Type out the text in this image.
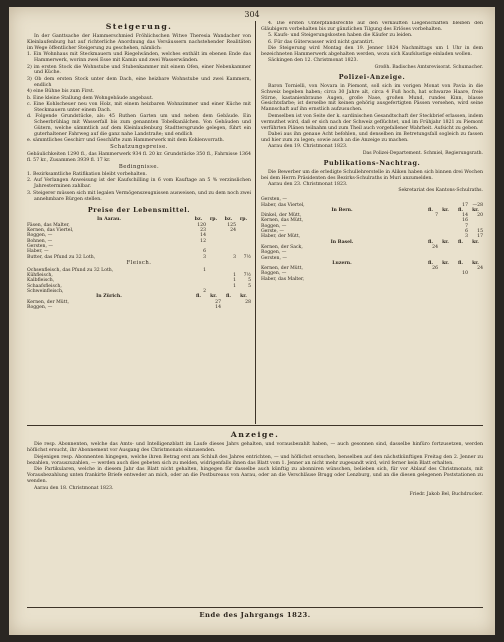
304
Steigerung.

In der Ganttsache der Hammerschmied Fröhlichschen Witwe Theresia Wandacher von Kleinlaufenburg hat auf richterliche Anordnung das Versäussern nachstehender Realitäten im Wege öffentlicher Steigerung zu geschehen, nämlich:

1. Ein Wohnhaus mit Steckmauern und Riegelwänden, welches enthält im ebenen Ende das Hammerwerk, worinn zwei Esse mit Kamin und zwei Wasserwänden.

2) im ersten Stock die Wohnstube und Stubenkammer mit einem Ofen, einer Nebenkammer und Küche.

3) Ob dem ersten Stock unter dem Dach, eine heizbare Wohnstube und zwei Kammern, endlich

4) eine Bühne bis zum First.

b. Eine kleine Stallung dem Wohngebäude angebaut.

c. Eine Kohlscheuer neu von Holz, mit einem heizbaren Wohnzimmer und einer Küche mit Steckmauern unter einem Dach.

d. Folgende Grundstücke, als: 45 Ruthen Garten um und neben dem Gebäude. Ein Scheerbrühlag mit Wasserfall bis zum genannten Tobelkanälchen. Von Gebäuden und Gütern, welche sämmtlich auf dem Kleinlaufenburg Stadttersgrunde gelegen, führt ein guterhaltener Fahrweg auf die ganz nahe Landstraße; und endlich

e. sämmtliches Geschirr und Geschäfte zum Hammerwerk mit dem Kohlenvorrath.

Schatzungspreise.

Gebäulichkeiten 1290 fl., das Hammerwerk 934 fl. 20 kr. Grundstücke 350 fl., Fahrnisse 1364 fl. 57 kr., Zusammen 3939 fl. 17 kr.

Bedingnisse.

1. Bezirksamtliche Ratifikation bleibt vorbehalten.

2. Auf Verlangen Anweisung ist der Kaufschilling in 6 vom Kauftage an 5 % verzinslichen Jahresterminen zahlbar.

3. Steigerer müssen sich mit legalen Vermögenszeugnissen ausweisen, und zu dem noch zwei annehmbare Bürgen stellen.

Preise der Lebensmittel.
In Aarau.	bz.	rp.	bz.	rp.
Fäsen, das Malter,	120		125	
Kernen, das Viertel,	23		24	
Roggen, —	14			
Bohnen, —	12			
Gersten, —				
Haber, —	6			
Butter, das Pfund zu 32 Loth,	3		3	7½
Fleisch.
Ochsenfleisch, das Pfund zu 32 Loth,	1			
Kühfleisch,			1	7½
Kalbfleisch,			1	5
Schaafsfleisch,			1	5
Schweinfleisch,	2			
In Zürich.	fl.	kr.	fl.	kr.
Kernen, der Mütt,		27		28
Roggen, —		14		

4. Die ersten Unterpfandsrechte auf den verkauften Liegenschaften bleiben den Gläubigern vorbehalten bis zur gänzlichen Tilgung des Erlöses vorbehalten.

5. Kaufs- und Steigerungskosten haben die Käufer zu leiden.

6. Für das Güterwasser wird nicht garantirt.

Die Steigerung wird Montag den 19. Jenner 1824 Nachmittags um 1 Uhr in dem bezeichneten Hammerwerk abgehalten werden, wozu sich Kaufslustige einladen wollen.

Säckingen den 12. Christmonat 1823.

Großh. Badisches Amtsrevisorat. Schumacher.
Polizei-Anzeige.

Baron Tornielli, von Novara in Piemont, soll sich im vorigen Monat von Pavia in die Schweiz begeben haben; circa 30 Jahre alt, circa 4 Fuß hoch, hat schwarze Haare, freie Stirne, kastanienbraune Augen, große Nase, großen Mund, rundes Kinn, blasse Gesichtsfarbe; ist derselbe mit keinen gehörig ausgefertigten Pässen versehen, wird seine Mannschaft auf ihn ernstlich aufzusuchen.

Demselben ist von Seite der k. sardinischen Gesandtschaft der Steckbrief erlassen, indem vermuthet wird, daß er sich nach der Schweiz geflüchtet, und im Frühjahr 1821 zu Piemont verführten Plänen teilnahm und zum Theil auch vorgefallener Wahrheit. Aufsicht zu geben.

Dabei aus ihn genaue Acht befohlen, und denselben im Betretungsfall sogleich zu fassen und hier zum zu legen; sowie auch an die Anzeige zu machen.

Aarau den 19. Christmonat 1823.

Das Polizei-Departement. Schmiel, Regierungsrath.
Publikations-Nachtrag.

Die Bewerber um die erledigte Schullehrerstelle in Aliken haben sich binnen drei Wochen bei dem Herrn Präsidenten des Bezirks-Schulraths in Muri anzumelden.

Aarau den 23. Christmonat 1823.

Sekretariat des Kantons-Schulraths.
Gersten, —				
Haber, das Viertel,			17	—28
In Bern.	fl.	kr.	fl.	kr.
Dinkel, der Mütt,	7		14	20
Kernen, das Mütt,			16	
Roggen, —			7	
Gerste, —			6	15
Haber, der Mütt,			3	17
In Basel.	fl.	kr.	fl.	kr.
Kernen, der Sack,	24			
Roggen, —				
Gersten, —				
Luzern.	fl.	kr.	fl.	kr.
Kernen, der Mütt,	26			24
Roggen, —			10	
Haber, das Malter,				
Anzeige.

Die resp. Abonnenten, welche das Amts- und Intelligenzblatt im Laufe dieses Jahrs gehalten, und vorausbezahlt haben, — auch gesonnen sind, dasselbe hinfüro fortzusetzen, werden höflichst ersucht, ihr Abonnement vor Ausgang des Christmonats einzusenden.

Diejenigen resp. Abonnenten hingegen, welche ihren Betrag erst am Schluß des Jahres entrichten, — und höflichst ersuchen, benselben auf den nächstkünftigen Freitag den 2. Jenner zu bezahlen, vorauszuzahlen, — werden auch dies gebeten sich zu melden, widrigenfalls ihnen das Blatt vom 1. Jenner an nicht mehr zugesandt wird, wird ferner kein Blatt erhalten.

Die Partikularen, welche in diesem Jahr das Blatt nicht gehalten, hingegen für dasselbe auch künftig zu abonniren wünschen, belieben sich, für vor Ablauf des Christmonats, mit Vorausbezahlung unten frankirte Briefe entweder an mich, oder an die Postbureaus von Aarau, oder an die Verschläuse Brugg oder Lenzburg, und an die diesen gelegenen Poststationen zu wenden.

Aarau den 18. Christmonat 1823.

Friedr. Jakob Bel, Buchdrucker.
Ende des Jahrgangs 1823.
